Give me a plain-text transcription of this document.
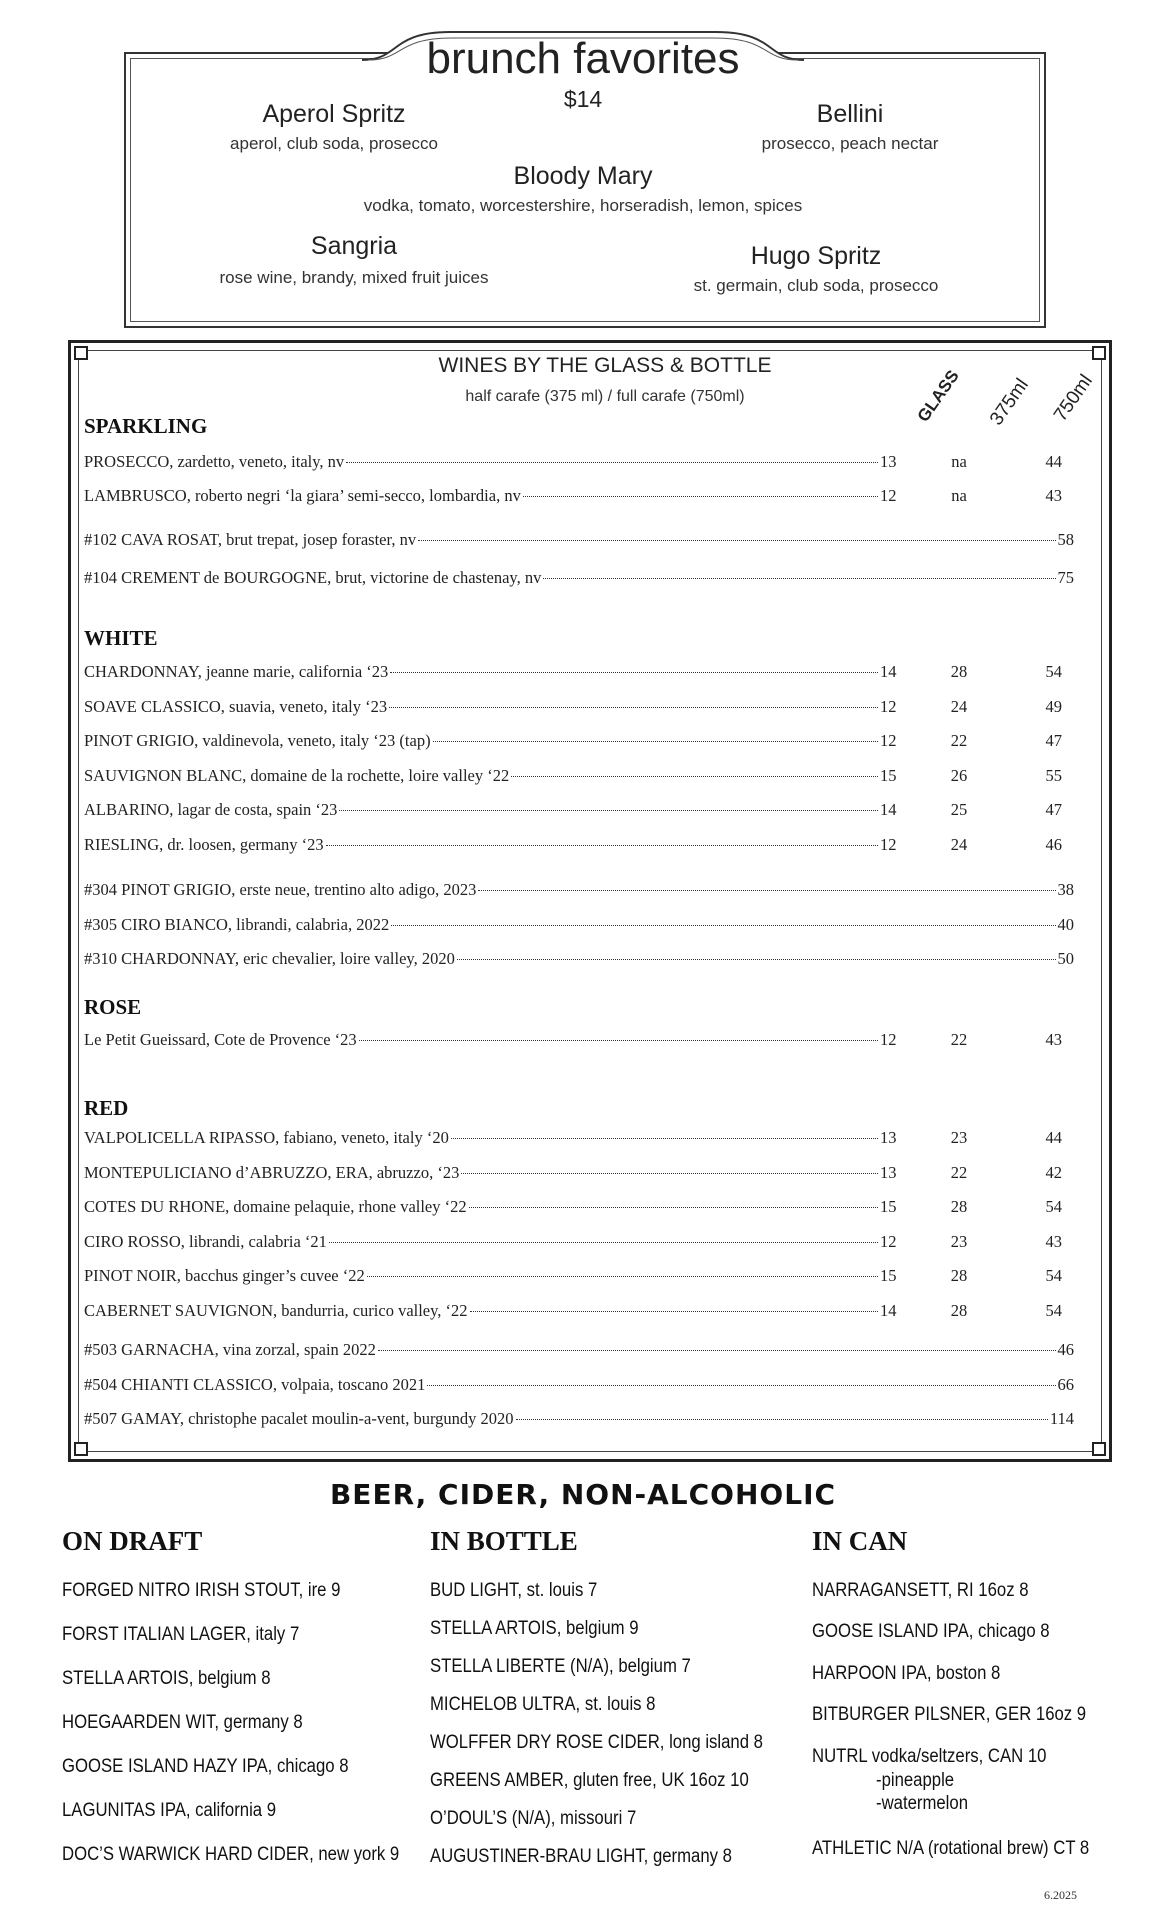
brunch favorites
$14
Aperol Spritz
aperol, club soda, prosecco
Bellini
prosecco, peach nectar
Bloody Mary
vodka, tomato, worcestershire, horseradish, lemon, spices
Sangria
rose wine, brandy, mixed fruit juices
Hugo Spritz
st. germain, club soda, prosecco
WINES BY THE GLASS & BOTTLE
half carafe (375 ml) / full carafe (750ml)	GLASS 375ml 750ml
SPARKLING
PROSECCO, zardetto, veneto, italy, nv	13	na	44
LAMBRUSCO, roberto negri ‘la giara’ semi-secco, lombardia, nv	12	na	43
#102 CAVA ROSAT, brut trepat, josep foraster, nv	58
#104 CREMENT de BOURGOGNE, brut, victorine de chastenay, nv	75
WHITE
CHARDONNAY, jeanne marie, california ‘23	14	28	54
SOAVE CLASSICO, suavia, veneto, italy ‘23	12	24	49
PINOT GRIGIO, valdinevola, veneto, italy ‘23 (tap)	12	22	47
SAUVIGNON BLANC, domaine de la rochette, loire valley ‘22	15	26	55
ALBARINO, lagar de costa, spain ‘23	14	25	47
RIESLING, dr. loosen, germany ‘23	12	24	46
#304 PINOT GRIGIO, erste neue, trentino alto adigo, 2023	38
#305 CIRO BIANCO, librandi, calabria, 2022	40
#310 CHARDONNAY, eric chevalier, loire valley, 2020	50
ROSE
Le Petit Gueissard, Cote de Provence ‘23	12	22	43
RED
VALPOLICELLA RIPASSO, fabiano, veneto, italy ‘20	13	23	44
MONTEPULICIANO d’ABRUZZO, ERA, abruzzo, ‘23	13	22	42
COTES DU RHONE, domaine pelaquie, rhone valley ‘22	15	28	54
CIRO ROSSO, librandi, calabria ‘21	12	23	43
PINOT NOIR, bacchus ginger’s cuvee ‘22	15	28	54
CABERNET SAUVIGNON, bandurria, curico valley, ‘22	14	28	54
#503 GARNACHA, vina zorzal, spain 2022	46
#504 CHIANTI CLASSICO, volpaia, toscano 2021	66
#507 GAMAY, christophe pacalet moulin-a-vent, burgundy 2020	114
BEER, CIDER, NON-ALCOHOLIC
ON DRAFT	IN BOTTLE	IN CAN
FORGED NITRO IRISH STOUT, ire 9
FORST ITALIAN LAGER, italy 7
STELLA ARTOIS, belgium 8
HOEGAARDEN WIT, germany 8
GOOSE ISLAND HAZY IPA, chicago 8
LAGUNITAS IPA, california 9
DOC’S WARWICK HARD CIDER, new york 9
BUD LIGHT, st. louis 7
STELLA ARTOIS, belgium 9
STELLA LIBERTE (N/A), belgium 7
MICHELOB ULTRA, st. louis 8
WOLFFER DRY ROSE CIDER, long island 8
GREENS AMBER, gluten free, UK 16oz 10
O’DOUL’S (N/A), missouri 7
AUGUSTINER-BRAU LIGHT, germany 8
NARRAGANSETT, RI 16oz 8
GOOSE ISLAND IPA, chicago 8
HARPOON IPA, boston 8
BITBURGER PILSNER, GER 16oz 9
NUTRL vodka/seltzers, CAN 10
-pineapple
-watermelon
ATHLETIC N/A (rotational brew) CT 8
6.2025
